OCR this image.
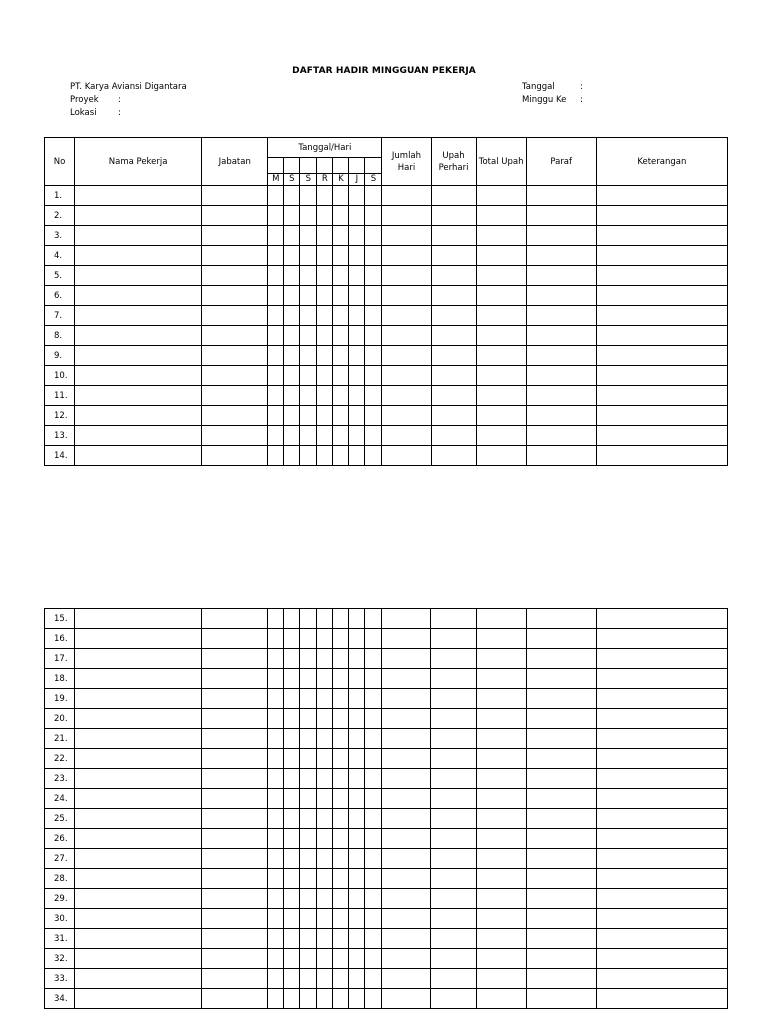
DAFTAR HADIR MINGGUAN PEKERJA
PT. Karya Aviansi Digantara
Proyek	:
Lokasi	:
Tanggal	:
Minggu Ke	:
No	Nama Pekerja	Jabatan	Tanggal/Hari							Jumlah Hari	Upah Perhari	Total Upah	Paraf	Keterangan

			M	S	S	R	K	J	S					
1.														
2.														
3.														
4.														
5.														
6.														
7.														
8.														
9.														
10.														
11.														
12.														
13.														
14.														
15.														
16.														
17.														
18.														
19.														
20.														
21.														
22.														
23.														
24.														
25.														
26.														
27.														
28.														
29.														
30.														
31.														
32.														
33.														
34.														
